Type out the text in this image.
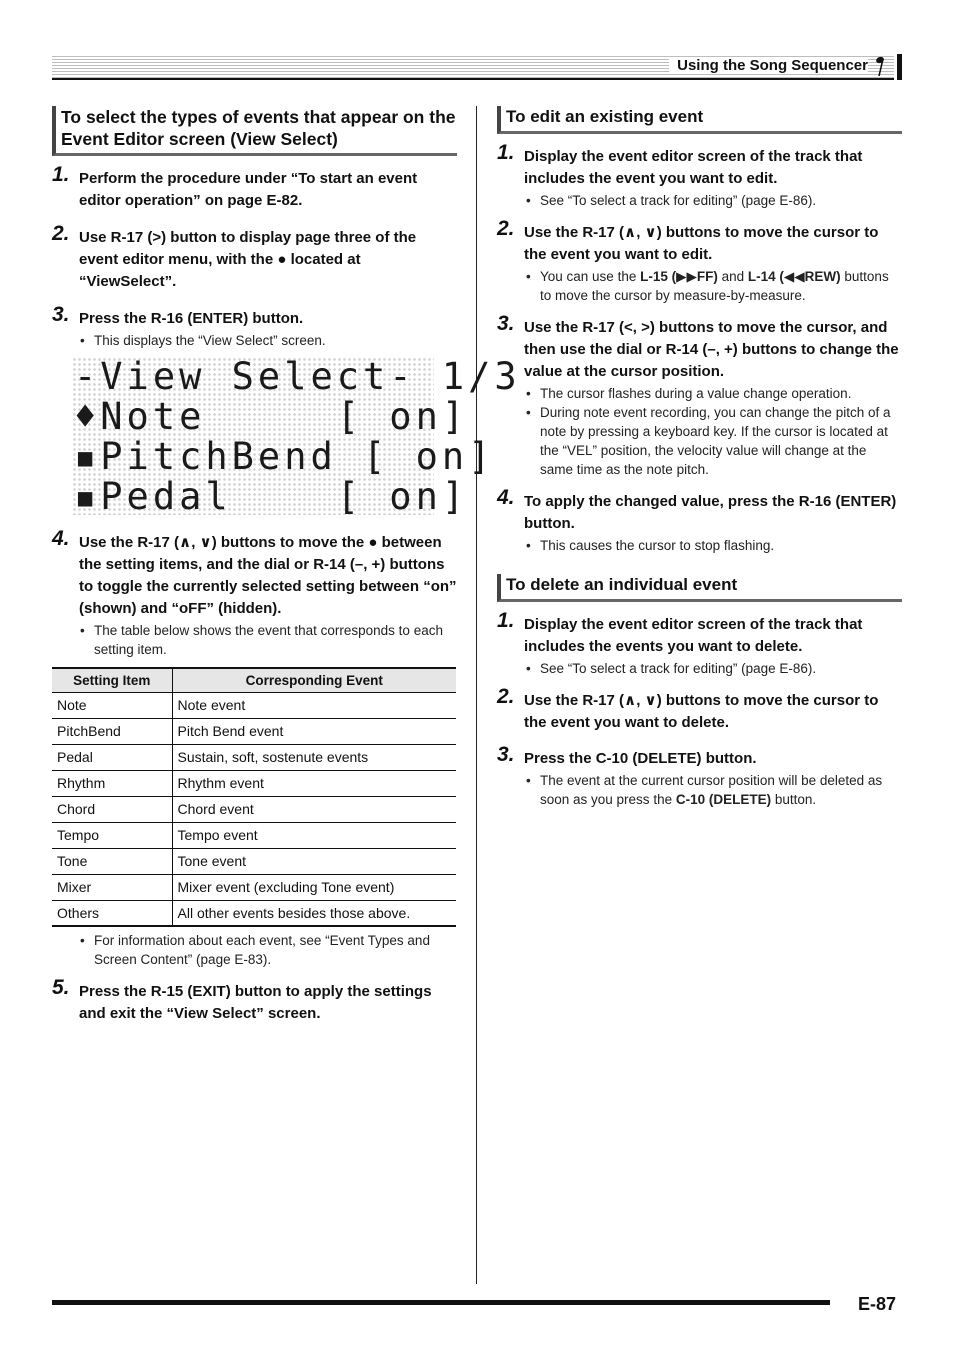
Using the Song Sequencer
To select the types of events that appear on the Event Editor screen (View Select)
1. Perform the procedure under “To start an event editor operation” on page E-82.
2. Use R-17 (>) button to display page three of the event editor menu, with the ● located at “ViewSelect”.
3. Press the R-16 (ENTER) button.
• This displays the “View Select” screen.
-View Select- 1/3
♦Note     [ on]
▪PitchBend [ on]
▪Pedal    [ on]
4. Use the R-17 (∧, ∨) buttons to move the ● between the setting items, and the dial or R-14 (–, +) buttons to toggle the currently selected setting between “on” (shown) and “oFF” (hidden).
• The table below shows the event that corresponds to each setting item.
Setting Item	Corresponding Event
Note	Note event
PitchBend	Pitch Bend event
Pedal	Sustain, soft, sostenute events
Rhythm	Rhythm event
Chord	Chord event
Tempo	Tempo event
Tone	Tone event
Mixer	Mixer event (excluding Tone event)
Others	All other events besides those above.
• For information about each event, see “Event Types and Screen Content” (page E-83).
5. Press the R-15 (EXIT) button to apply the settings and exit the “View Select” screen.
To edit an existing event
1. Display the event editor screen of the track that includes the event you want to edit.
• See “To select a track for editing” (page E-86).
2. Use the R-17 (∧, ∨) buttons to move the cursor to the event you want to edit.
• You can use the L-15 (▶▶FF) and L-14 (◀◀REW) buttons to move the cursor by measure-by-measure.
3. Use the R-17 (<, >) buttons to move the cursor, and then use the dial or R-14 (–, +) buttons to change the value at the cursor position.
• The cursor flashes during a value change operation.
• During note event recording, you can change the pitch of a note by pressing a keyboard key. If the cursor is located at the “VEL” position, the velocity value will change at the same time as the note pitch.
4. To apply the changed value, press the R-16 (ENTER) button.
• This causes the cursor to stop flashing.
To delete an individual event
1. Display the event editor screen of the track that includes the events you want to delete.
• See “To select a track for editing” (page E-86).
2. Use the R-17 (∧, ∨) buttons to move the cursor to the event you want to delete.
3. Press the C-10 (DELETE) button.
• The event at the current cursor position will be deleted as soon as you press the C-10 (DELETE) button.
E-87
